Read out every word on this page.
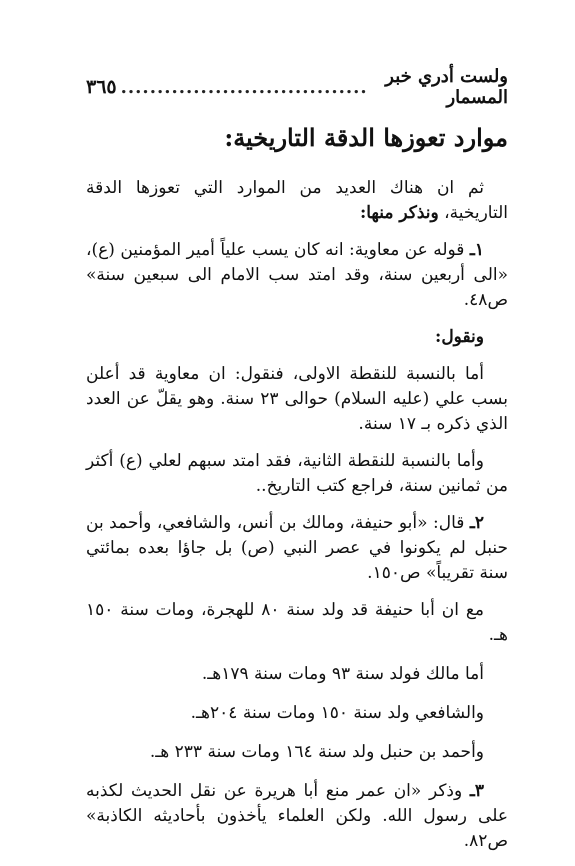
ولست أدري خبر المسمار
..................................
٣٦٥
موارد تعوزها الدقة التاريخية:

ثم ان هناك العديد من الموارد التي تعوزها الدقة التاريخية، ونذكر منها:

١ـ قوله عن معاوية: انه كان يسب علياً أمير المؤمنين (ع)، «الى أربعين سنة، وقد امتد سب الامام الى سبعين سنة» ص٤٨.

ونقول:

أما بالنسبة للنقطة الاولى، فنقول: ان معاوية قد أعلن بسب علي (عليه السلام) حوالى ٢٣ سنة. وهو يقلّ عن العدد الذي ذكره بـ ١٧ سنة.

وأما بالنسبة للنقطة الثانية، فقد امتد سبهم لعلي (ع) أكثر من ثمانين سنة، فراجع كتب التاريخ..

٢ـ قال: «أبو حنيفة، ومالك بن أنس، والشافعي، وأحمد بن حنبل لم يكونوا في عصر النبي (ص) بل جاؤا بعده بمائتي سنة تقريباً» ص١٥٠.

مع ان أبا حنيفة قد ولد سنة ٨٠ للهجرة، ومات سنة ١٥٠ هـ.

أما مالك فولد سنة ٩٣ ومات سنة ١٧٩هـ.

والشافعي ولد سنة ١٥٠ ومات سنة ٢٠٤هـ.

وأحمد بن حنبل ولد سنة ١٦٤ ومات سنة ٢٣٣ هـ.

٣ـ وذكر «ان عمر منع أبا هريرة عن نقل الحديث لكذبه على رسول الله. ولكن العلماء يأخذون بأحاديثه الكاذبة» ص٨٢.
